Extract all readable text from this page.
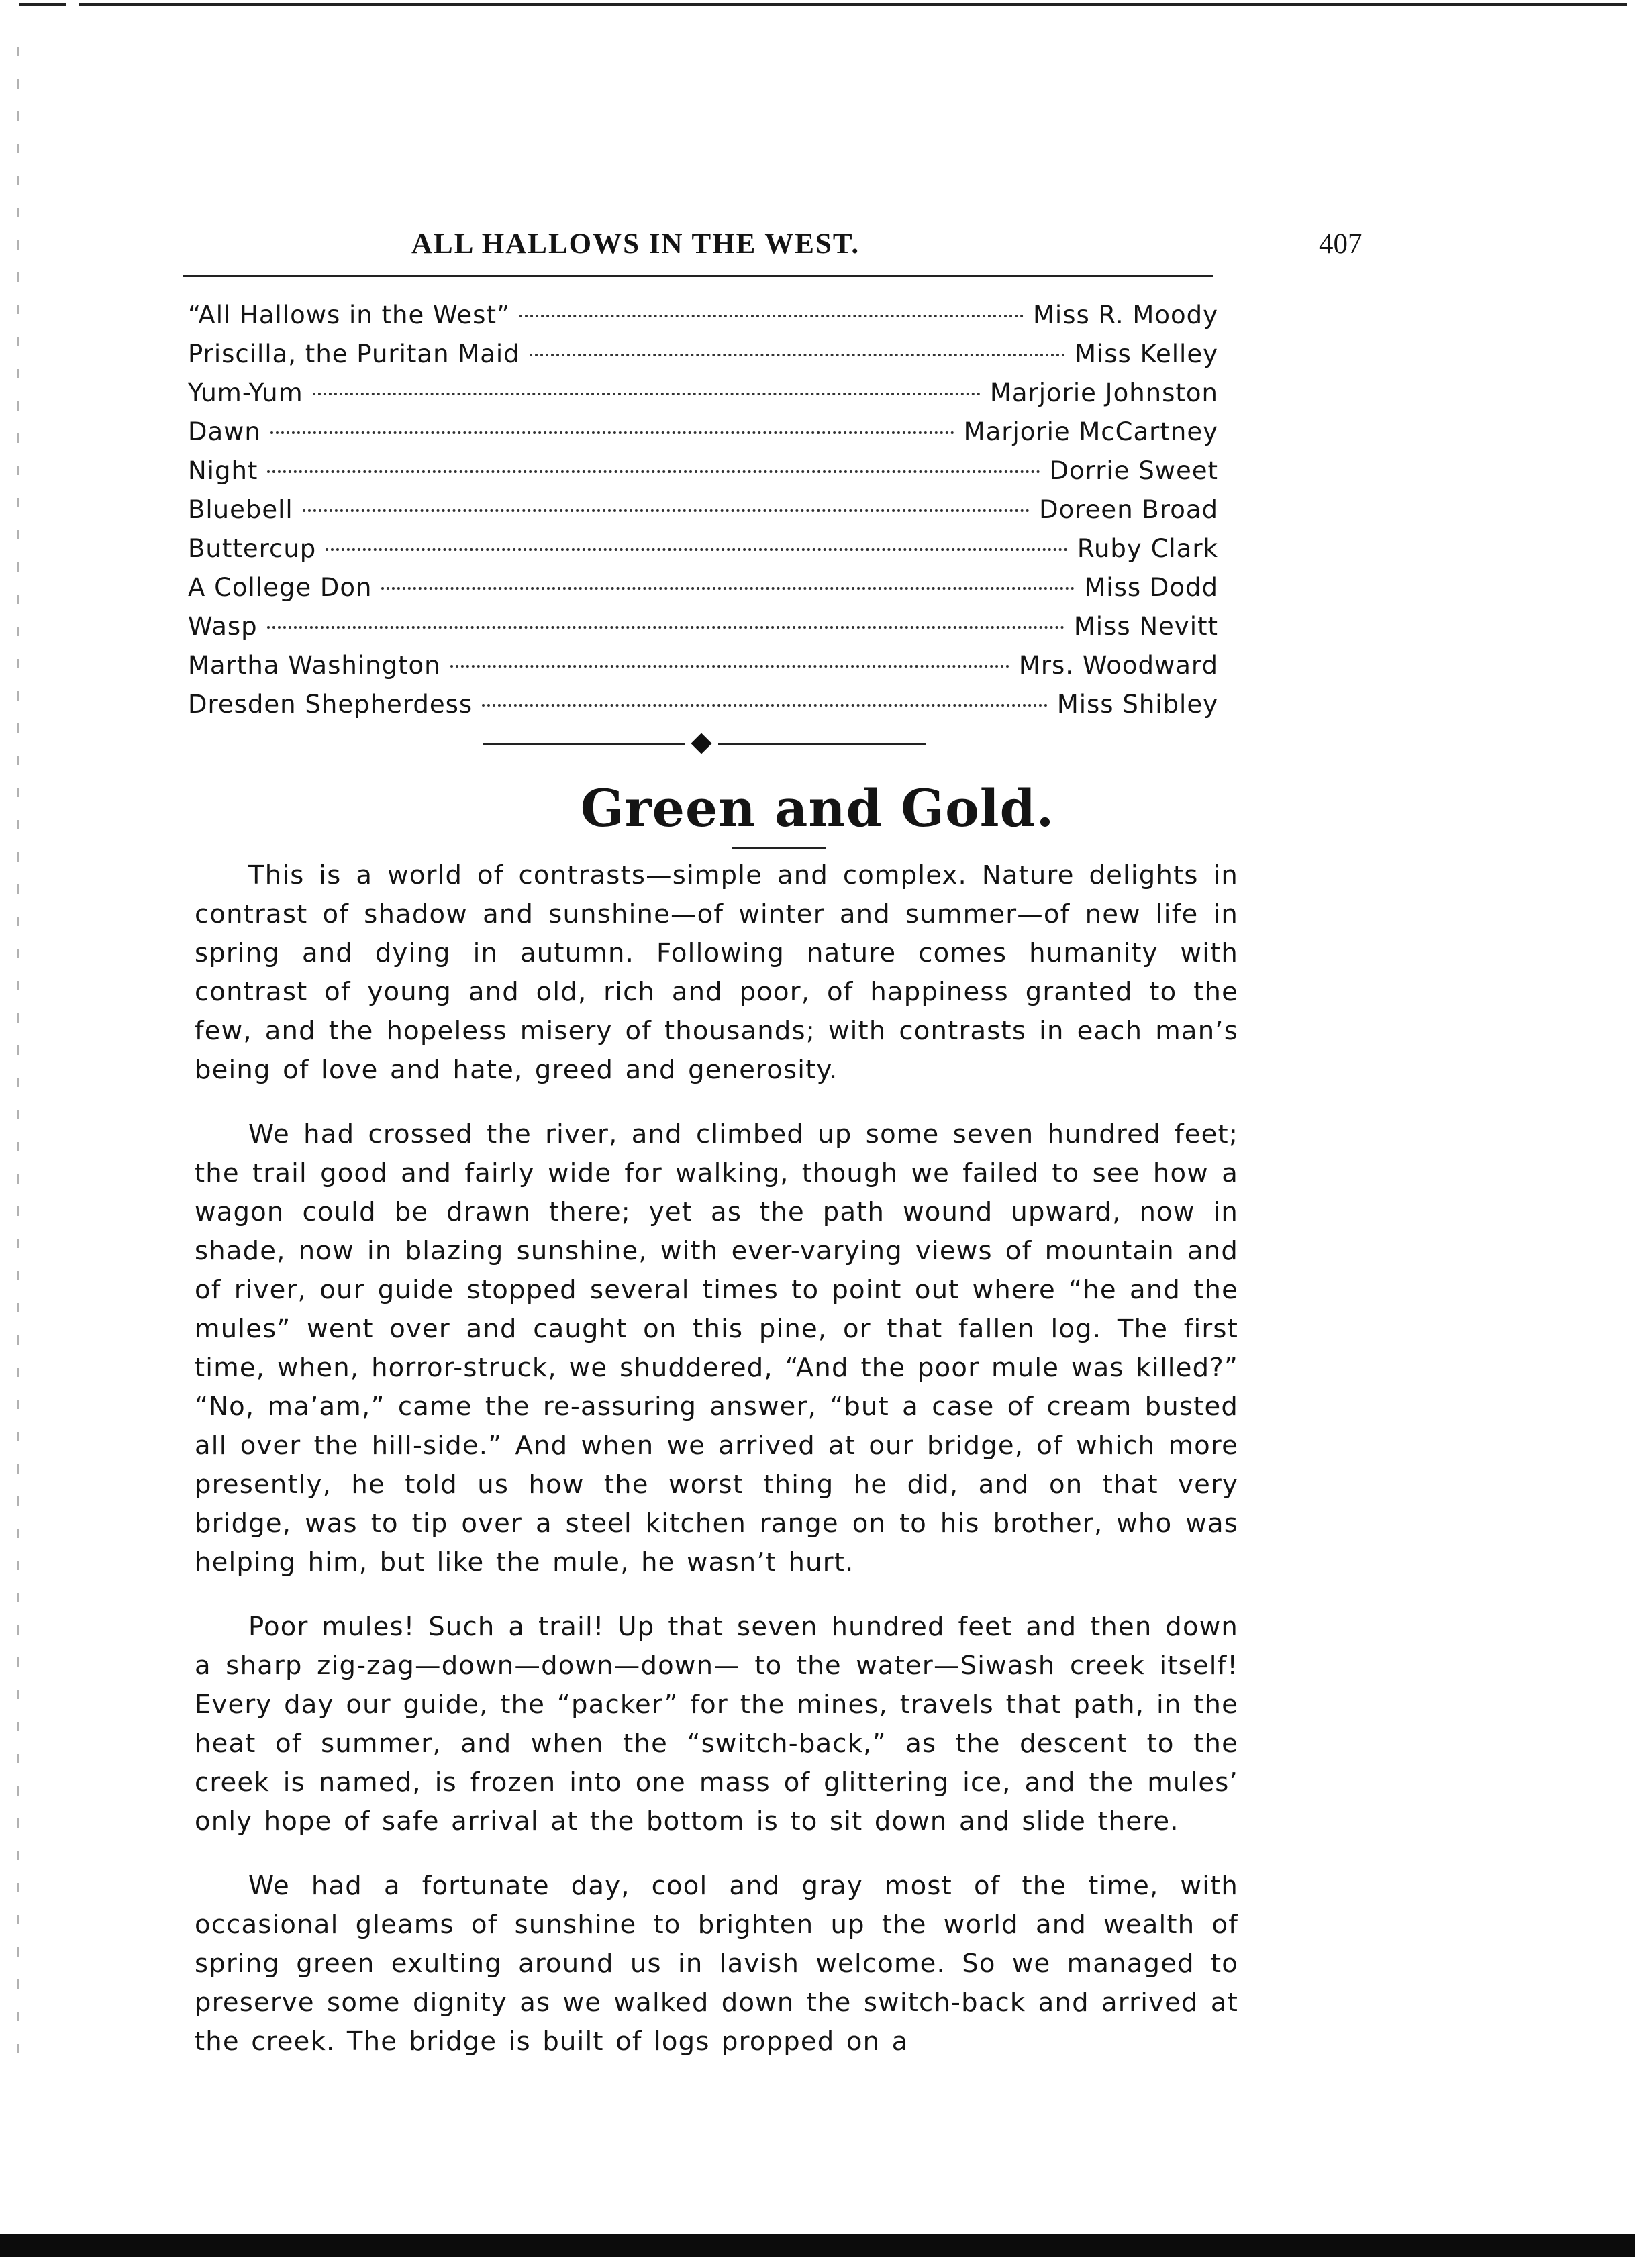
ALL HALLOWS IN THE WEST.	407
“All Hallows in the West”	Miss R. Moody
Priscilla, the Puritan Maid	Miss Kelley
Yum-Yum	Marjorie Johnston
Dawn	Marjorie McCartney
Night	Dorrie Sweet
Bluebell	Doreen Broad
Buttercup	Ruby Clark
A College Don	Miss Dodd
Wasp	Miss Nevitt
Martha Washington	Mrs. Woodward
Dresden Shepherdess	Miss Shibley
Green and Gold.

This is a world of contrasts—simple and complex. Nature delights in contrast of shadow and sunshine—of winter and summer—of new life in spring and dying in autumn. Following nature comes humanity with contrast of young and old, rich and poor, of happiness granted to the few, and the hopeless misery of thousands; with contrasts in each man’s being of love and hate, greed and generosity.

We had crossed the river, and climbed up some seven hundred feet; the trail good and fairly wide for walking, though we failed to see how a wagon could be drawn there; yet as the path wound upward, now in shade, now in blazing sunshine, with ever-varying views of mountain and of river, our guide stopped several times to point out where “he and the mules” went over and caught on this pine, or that fallen log. The first time, when, horror-struck, we shuddered, “And the poor mule was killed?” “No, ma’am,” came the re-assuring answer, “but a case of cream busted all over the hill-side.” And when we arrived at our bridge, of which more presently, he told us how the worst thing he did, and on that very bridge, was to tip over a steel kitchen range on to his brother, who was helping him, but like the mule, he wasn’t hurt.

Poor mules! Such a trail! Up that seven hundred feet and then down a sharp zig-zag—down—down—down— to the water—Siwash creek itself! Every day our guide, the “packer” for the mines, travels that path, in the heat of summer, and when the “switch-back,” as the descent to the creek is named, is frozen into one mass of glittering ice, and the mules’ only hope of safe arrival at the bottom is to sit down and slide there.

We had a fortunate day, cool and gray most of the time, with occasional gleams of sunshine to brighten up the world and wealth of spring green exulting around us in lavish welcome. So we managed to preserve some dignity as we walked down the switch-back and arrived at the creek. The bridge is built of logs propped on a
